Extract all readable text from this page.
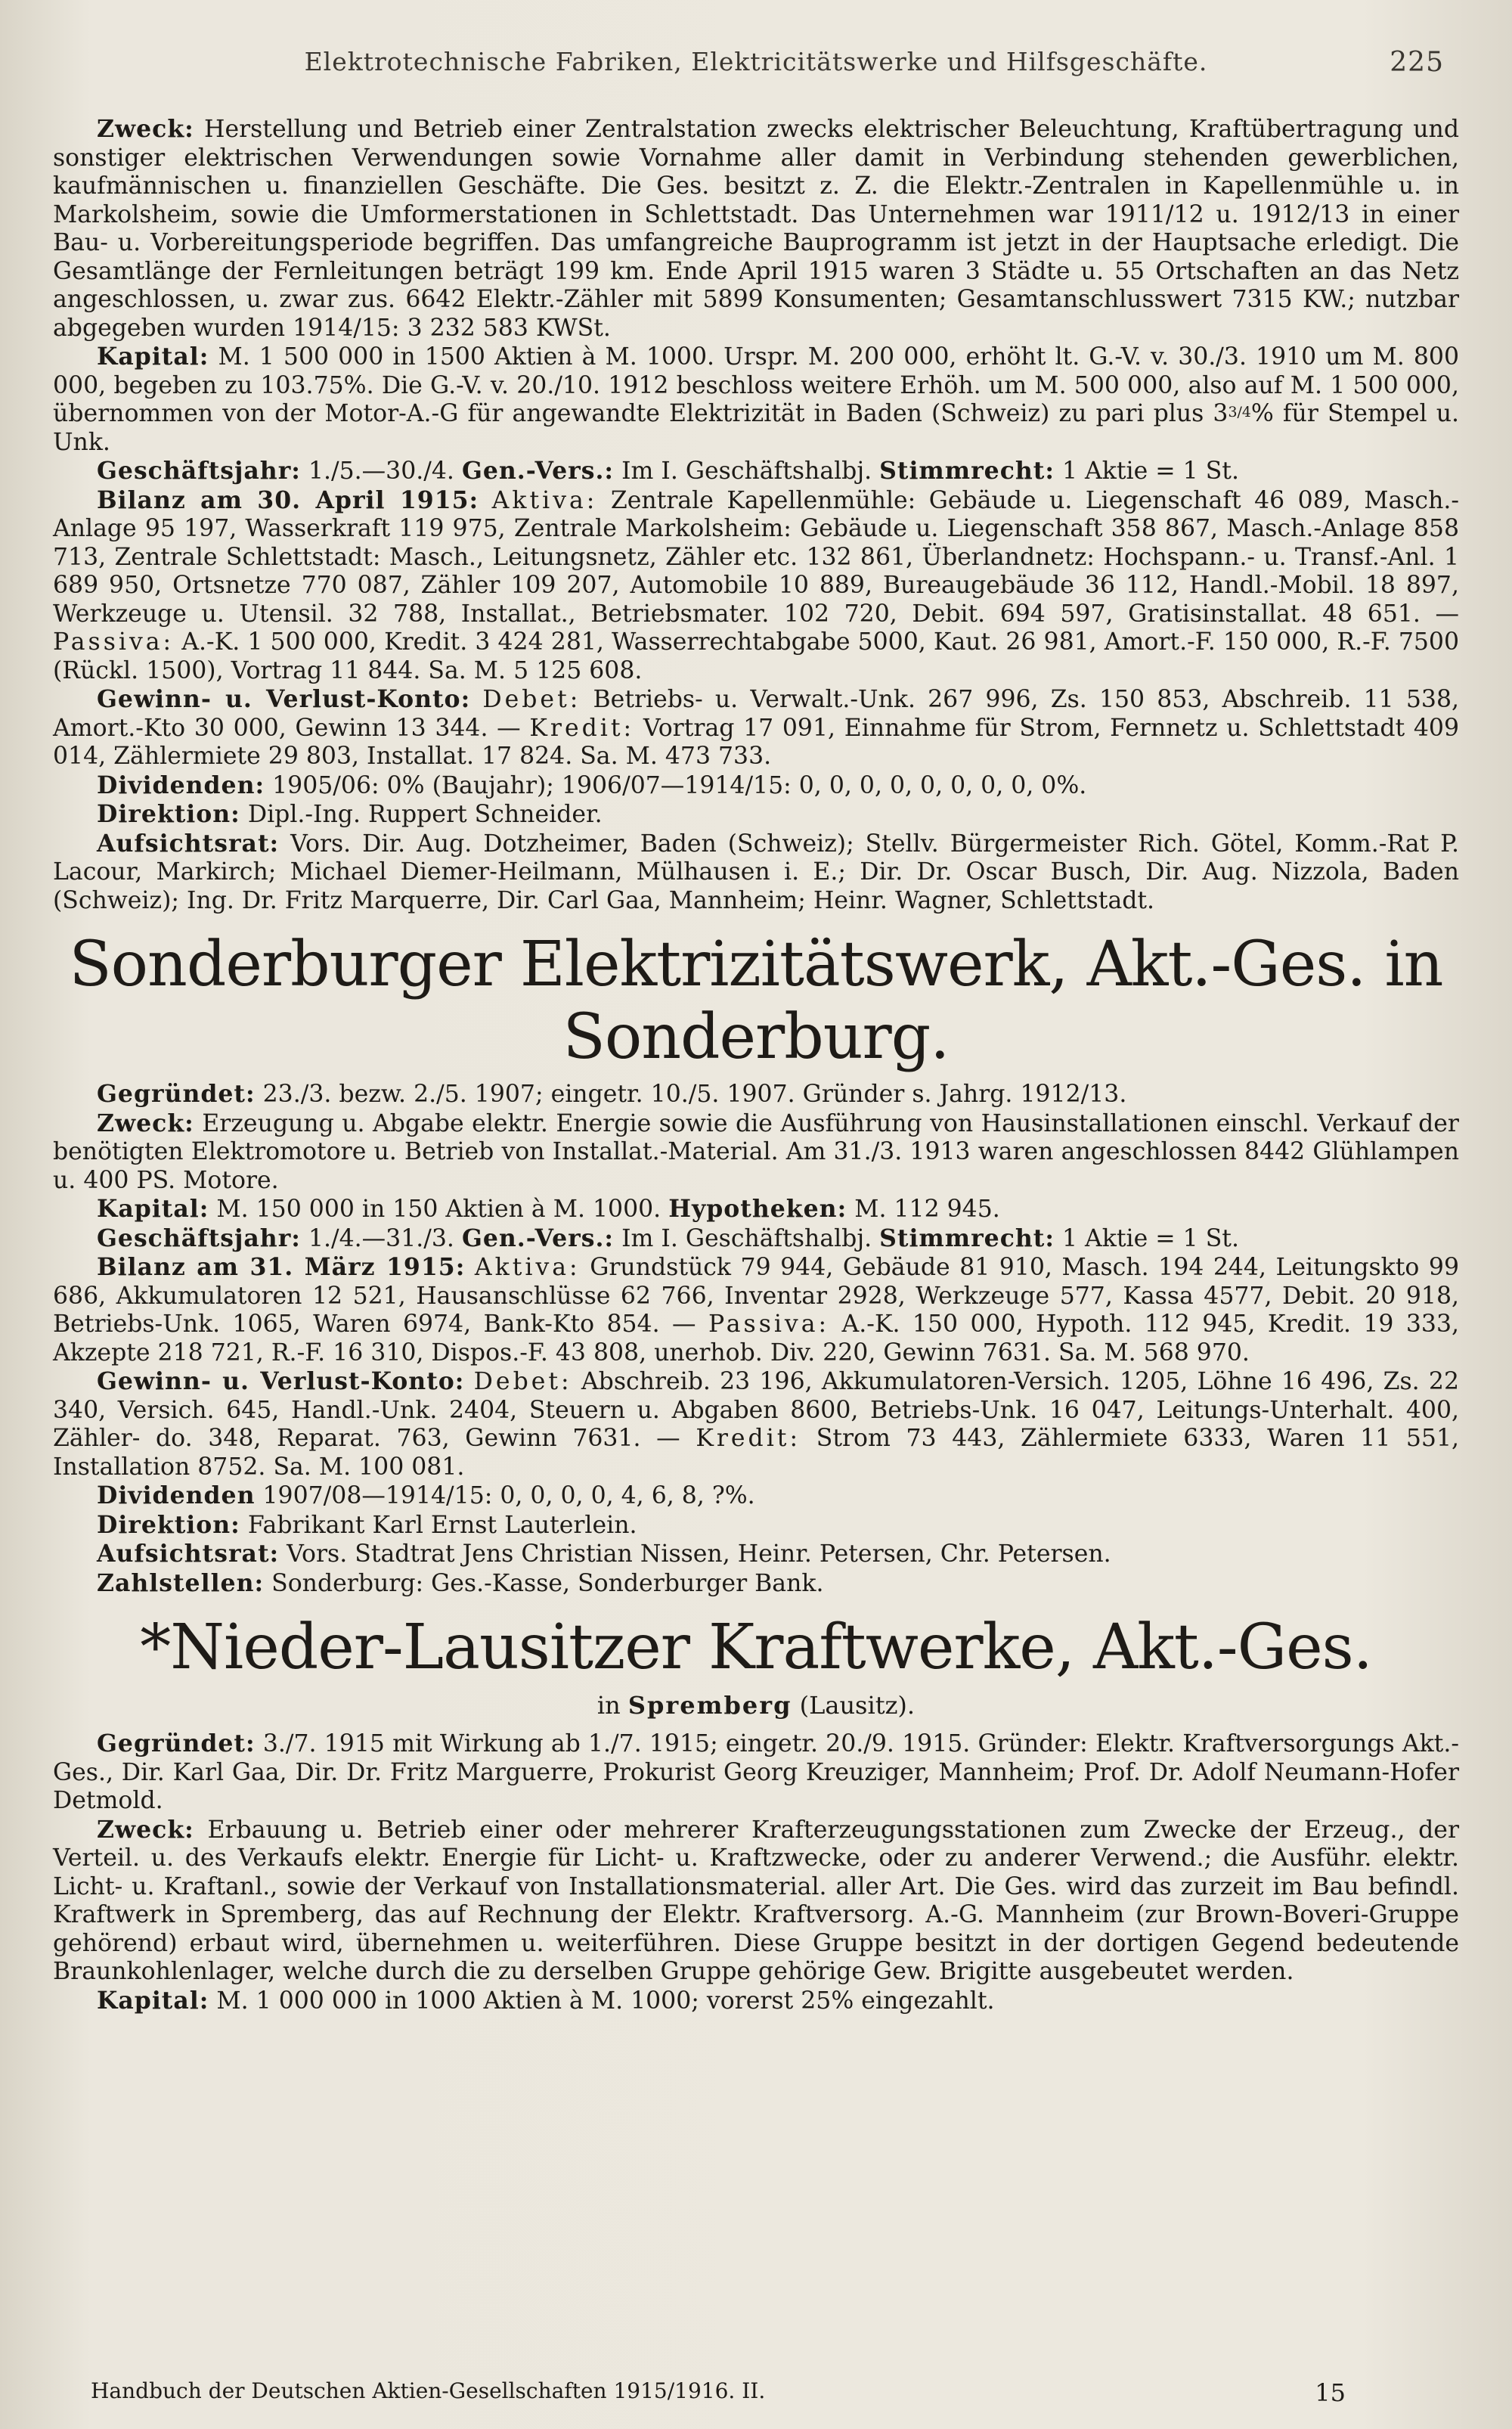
Elektrotechnische Fabriken, Elektricitätswerke und Hilfsgeschäfte.	225

Zweck: Herstellung und Betrieb einer Zentralstation zwecks elektrischer Beleuchtung, Kraftübertragung und sonstiger elektrischen Verwendungen sowie Vornahme aller damit in Verbindung stehenden gewerblichen, kaufmännischen u. finanziellen Geschäfte. Die Ges. besitzt z. Z. die Elektr.-Zentralen in Kapellenmühle u. in Markolsheim, sowie die Umformerstationen in Schlettstadt. Das Unternehmen war 1911/12 u. 1912/13 in einer Bau- u. Vorbereitungsperiode begriffen. Das umfangreiche Bauprogramm ist jetzt in der Hauptsache erledigt. Die Gesamtlänge der Fernleitungen beträgt 199 km. Ende April 1915 waren 3 Städte u. 55 Ortschaften an das Netz angeschlossen, u. zwar zus. 6642 Elektr.-Zähler mit 5899 Konsumenten; Gesamtanschlusswert 7315 KW.; nutzbar abgegeben wurden 1914/15: 3 232 583 KWSt.

Kapital: M. 1 500 000 in 1500 Aktien à M. 1000. Urspr. M. 200 000, erhöht lt. G.-V. v. 30./3. 1910 um M. 800 000, begeben zu 103.75%. Die G.-V. v. 20./10. 1912 beschloss weitere Erhöh. um M. 500 000, also auf M. 1 500 000, übernommen von der Motor-A.-G für angewandte Elektrizität in Baden (Schweiz) zu pari plus $3^{3/4}\%$ für Stempel u. Unk.

Geschäftsjahr: 1./5.—30./4. Gen.-Vers.: Im I. Geschäftshalbj. Stimmrecht: 1 Aktie = 1 St.

Bilanz am 30. April 1915: Aktiva: Zentrale Kapellenmühle: Gebäude u. Liegenschaft 46 089, Masch.-Anlage 95 197, Wasserkraft 119 975, Zentrale Markolsheim: Gebäude u. Liegenschaft 358 867, Masch.-Anlage 858 713, Zentrale Schlettstadt: Masch., Leitungsnetz, Zähler etc. 132 861, Überlandnetz: Hochspann.- u. Transf.-Anl. 1 689 950, Ortsnetze 770 087, Zähler 109 207, Automobile 10 889, Bureaugebäude 36 112, Handl.-Mobil. 18 897, Werkzeuge u. Utensil. 32 788, Installat., Betriebsmater. 102 720, Debit. 694 597, Gratisinstallat. 48 651. — Passiva: A.-K. 1 500 000, Kredit. 3 424 281, Wasserrechtabgabe 5000, Kaut. 26 981, Amort.-F. 150 000, R.-F. 7500 (Rückl. 1500), Vortrag 11 844. Sa. M. 5 125 608.

Gewinn- u. Verlust-Konto: Debet: Betriebs- u. Verwalt.-Unk. 267 996, Zs. 150 853, Abschreib. 11 538, Amort.-Kto 30 000, Gewinn 13 344. — Kredit: Vortrag 17 091, Einnahme für Strom, Fernnetz u. Schlettstadt 409 014, Zählermiete 29 803, Installat. 17 824. Sa. M. 473 733.

Dividenden: 1905/06: 0% (Baujahr); 1906/07—1914/15: 0, 0, 0, 0, 0, 0, 0, 0, 0%.

Direktion: Dipl.-Ing. Ruppert Schneider.

Aufsichtsrat: Vors. Dir. Aug. Dotzheimer, Baden (Schweiz); Stellv. Bürgermeister Rich. Götel, Komm.-Rat P. Lacour, Markirch; Michael Diemer-Heilmann, Mülhausen i. E.; Dir. Dr. Oscar Busch, Dir. Aug. Nizzola, Baden (Schweiz); Ing. Dr. Fritz Marquerre, Dir. Carl Gaa, Mannheim; Heinr. Wagner, Schlettstadt.

Sonderburger Elektrizitätswerk, Akt.-Ges. in Sonderburg.

Gegründet: 23./3. bezw. 2./5. 1907; eingetr. 10./5. 1907. Gründer s. Jahrg. 1912/13.

Zweck: Erzeugung u. Abgabe elektr. Energie sowie die Ausführung von Hausinstallationen einschl. Verkauf der benötigten Elektromotore u. Betrieb von Installat.-Material. Am 31./3. 1913 waren angeschlossen 8442 Glühlampen u. 400 PS. Motore.

Kapital: M. 150 000 in 150 Aktien à M. 1000. Hypotheken: M. 112 945.

Geschäftsjahr: 1./4.—31./3. Gen.-Vers.: Im I. Geschäftshalbj. Stimmrecht: 1 Aktie = 1 St.

Bilanz am 31. März 1915: Aktiva: Grundstück 79 944, Gebäude 81 910, Masch. 194 244, Leitungskto 99 686, Akkumulatoren 12 521, Hausanschlüsse 62 766, Inventar 2928, Werkzeuge 577, Kassa 4577, Debit. 20 918, Betriebs-Unk. 1065, Waren 6974, Bank-Kto 854. — Passiva: A.-K. 150 000, Hypoth. 112 945, Kredit. 19 333, Akzepte 218 721, R.-F. 16 310, Dispos.-F. 43 808, unerhob. Div. 220, Gewinn 7631. Sa. M. 568 970.

Gewinn- u. Verlust-Konto: Debet: Abschreib. 23 196, Akkumulatoren-Versich. 1205, Löhne 16 496, Zs. 22 340, Versich. 645, Handl.-Unk. 2404, Steuern u. Abgaben 8600, Betriebs-Unk. 16 047, Leitungs-Unterhalt. 400, Zähler- do. 348, Reparat. 763, Gewinn 7631. — Kredit: Strom 73 443, Zählermiete 6333, Waren 11 551, Installation 8752. Sa. M. 100 081.

Dividenden 1907/08—1914/15: 0, 0, 0, 0, 4, 6, 8, ?%.

Direktion: Fabrikant Karl Ernst Lauterlein.

Aufsichtsrat: Vors. Stadtrat Jens Christian Nissen, Heinr. Petersen, Chr. Petersen.

Zahlstellen: Sonderburg: Ges.-Kasse, Sonderburger Bank.

*Nieder-Lausitzer Kraftwerke, Akt.-Ges.
in Spremberg (Lausitz).

Gegründet: 3./7. 1915 mit Wirkung ab 1./7. 1915; eingetr. 20./9. 1915. Gründer: Elektr. Kraftversorgungs Akt.-Ges., Dir. Karl Gaa, Dir. Dr. Fritz Marguerre, Prokurist Georg Kreuziger, Mannheim; Prof. Dr. Adolf Neumann-Hofer Detmold.

Zweck: Erbauung u. Betrieb einer oder mehrerer Krafterzeugungsstationen zum Zwecke der Erzeug., der Verteil. u. des Verkaufs elektr. Energie für Licht- u. Kraftzwecke, oder zu anderer Verwend.; die Ausführ. elektr. Licht- u. Kraftanl., sowie der Verkauf von Installationsmaterial. aller Art. Die Ges. wird das zurzeit im Bau befindl. Kraftwerk in Spremberg, das auf Rechnung der Elektr. Kraftversorg. A.-G. Mannheim (zur Brown-Boveri-Gruppe gehörend) erbaut wird, übernehmen u. weiterführen. Diese Gruppe besitzt in der dortigen Gegend bedeutende Braunkohlenlager, welche durch die zu derselben Gruppe gehörige Gew. Brigitte ausgebeutet werden.

Kapital: M. 1 000 000 in 1000 Aktien à M. 1000; vorerst 25% eingezahlt.

Handbuch der Deutschen Aktien-Gesellschaften 1915/1916. II.	15
